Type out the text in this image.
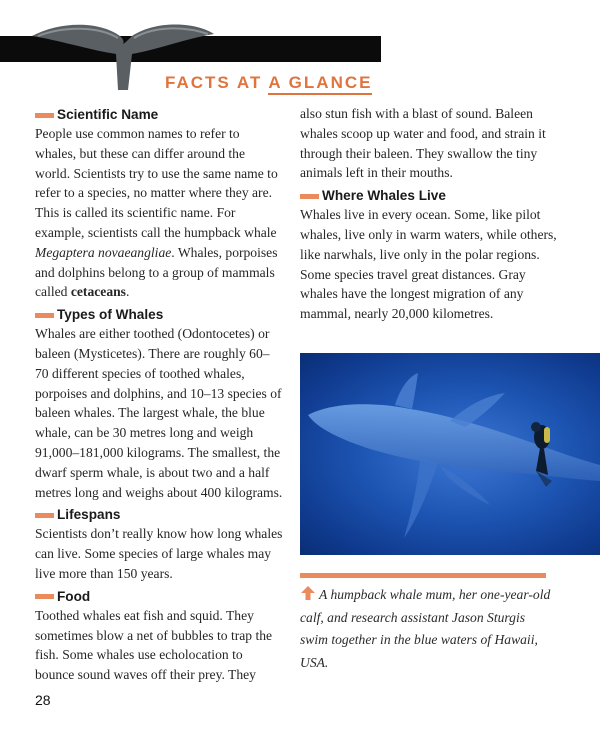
FACTS AT A GLANCE
Scientific Name

People use common names to refer to whales, but these can differ around the world. Scientists try to use the same name to refer to a species, no matter where they are. This is called its scientific name. For example, scientists call the humpback whale Megaptera novaeangliae. Whales, porpoises and dolphins belong to a group of mammals called cetaceans.

Types of Whales

Whales are either toothed (Odontocetes) or baleen (Mysticetes). There are roughly 60–70 different species of toothed whales, porpoises and dolphins, and 10–13 species of baleen whales. The largest whale, the blue whale, can be 30 metres long and weigh 91,000–181,000 kilograms. The smallest, the dwarf sperm whale, is about two and a half metres long and weighs about 400 kilograms.

Lifespans

Scientists don’t really know how long whales can live. Some species of large whales may live more than 150 years.

Food

Toothed whales eat fish and squid. They sometimes blow a net of bubbles to trap the fish. Some whales use echolocation to bounce sound waves off their prey. They

also stun fish with a blast of sound. Baleen whales scoop up water and food, and strain it through their baleen. They swallow the tiny animals left in their mouths.

Where Whales Live

Whales live in every ocean. Some, like pilot whales, live only in warm waters, while others, like narwhals, live only in the polar regions. Some species travel great distances. Gray whales have the longest migration of any mammal, nearly 20,000 kilometres.

A humpback whale mum, her one-year-old calf, and research assistant Jason Sturgis swim together in the blue waters of Hawaii, USA.
28
